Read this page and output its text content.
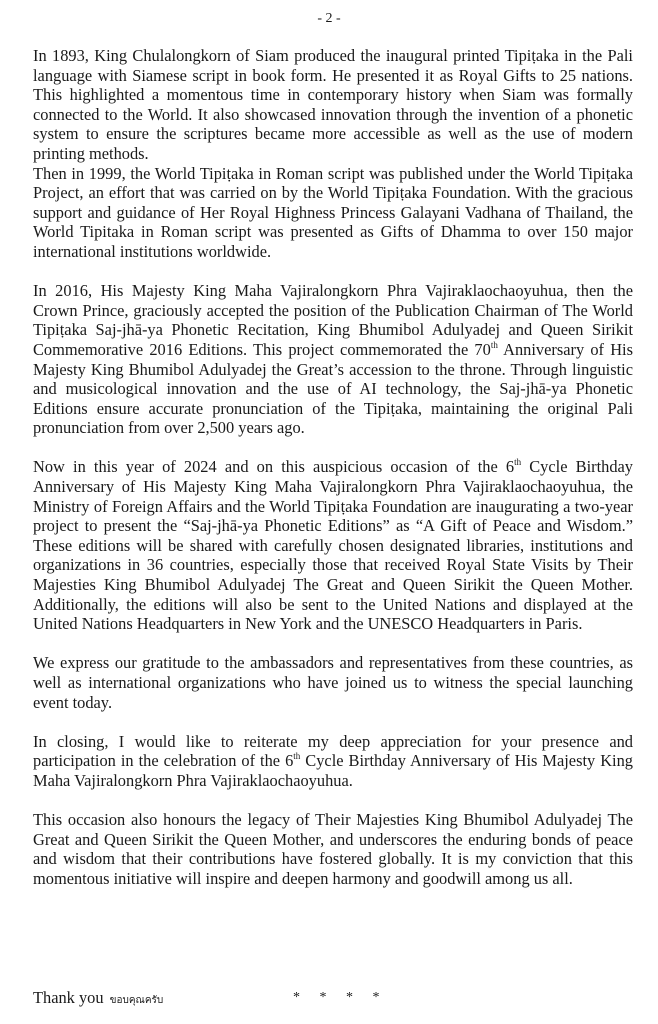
- 2 -

In 1893, King Chulalongkorn of Siam produced the inaugural printed Tipiṭaka in the Pali language with Siamese script in book form. He presented it as Royal Gifts to 25 nations. This highlighted a momentous time in contemporary history when Siam was formally connected to the World. It also showcased innovation through the invention of a phonetic system to ensure the scriptures became more accessible as well as the use of modern printing methods.

Then in 1999, the World Tipiṭaka in Roman script was published under the World Tipiṭaka Project, an effort that was carried on by the World Tipiṭaka Foundation. With the gracious support and guidance of Her Royal Highness Princess Galayani Vadhana of Thailand, the World Tipitaka in Roman script was presented as Gifts of Dhamma to over 150 major international institutions worldwide.

In 2016, His Majesty King Maha Vajiralongkorn Phra Vajiraklaochaoyuhua, then the Crown Prince, graciously accepted the position of the Publication Chairman of The World Tipiṭaka Saj-jhā-ya Phonetic Recitation, King Bhumibol Adulyadej and Queen Sirikit Commemorative 2016 Editions. This project commemorated the 70th Anniversary of His Majesty King Bhumibol Adulyadej the Great’s accession to the throne. Through linguistic and musicological innovation and the use of AI technology, the Saj-jhā-ya Phonetic Editions ensure accurate pronunciation of the Tipiṭaka, maintaining the original Pali pronunciation from over 2,500 years ago.

Now in this year of 2024 and on this auspicious occasion of the 6th Cycle Birthday Anniversary of His Majesty King Maha Vajiralongkorn Phra Vajiraklaochaoyuhua, the Ministry of Foreign Affairs and the World Tipiṭaka Foundation are inaugurating a two-year project to present the “Saj-jhā-ya Phonetic Editions” as “A Gift of Peace and Wisdom.” These editions will be shared with carefully chosen designated libraries, institutions and organizations in 36 countries, especially those that received Royal State Visits by Their Majesties King Bhumibol Adulyadej The Great and Queen Sirikit the Queen Mother. Additionally, the editions will also be sent to the United Nations and displayed at the United Nations Headquarters in New York and the UNESCO Headquarters in Paris.

We express our gratitude to the ambassadors and representatives from these countries, as well as international organizations who have joined us to witness the special launching event today.

In closing, I would like to reiterate my deep appreciation for your presence and participation in the celebration of the 6th Cycle Birthday Anniversary of His Majesty King Maha Vajiralongkorn Phra Vajiraklaochaoyuhua.

This occasion also honours the legacy of Their Majesties King Bhumibol Adulyadej The Great and Queen Sirikit the Queen Mother, and underscores the enduring bonds of peace and wisdom that their contributions have fostered globally. It is my conviction that this momentous initiative will inspire and deepen harmony and goodwill among us all.

Thank you ขอบคุณครับ	* * * *
